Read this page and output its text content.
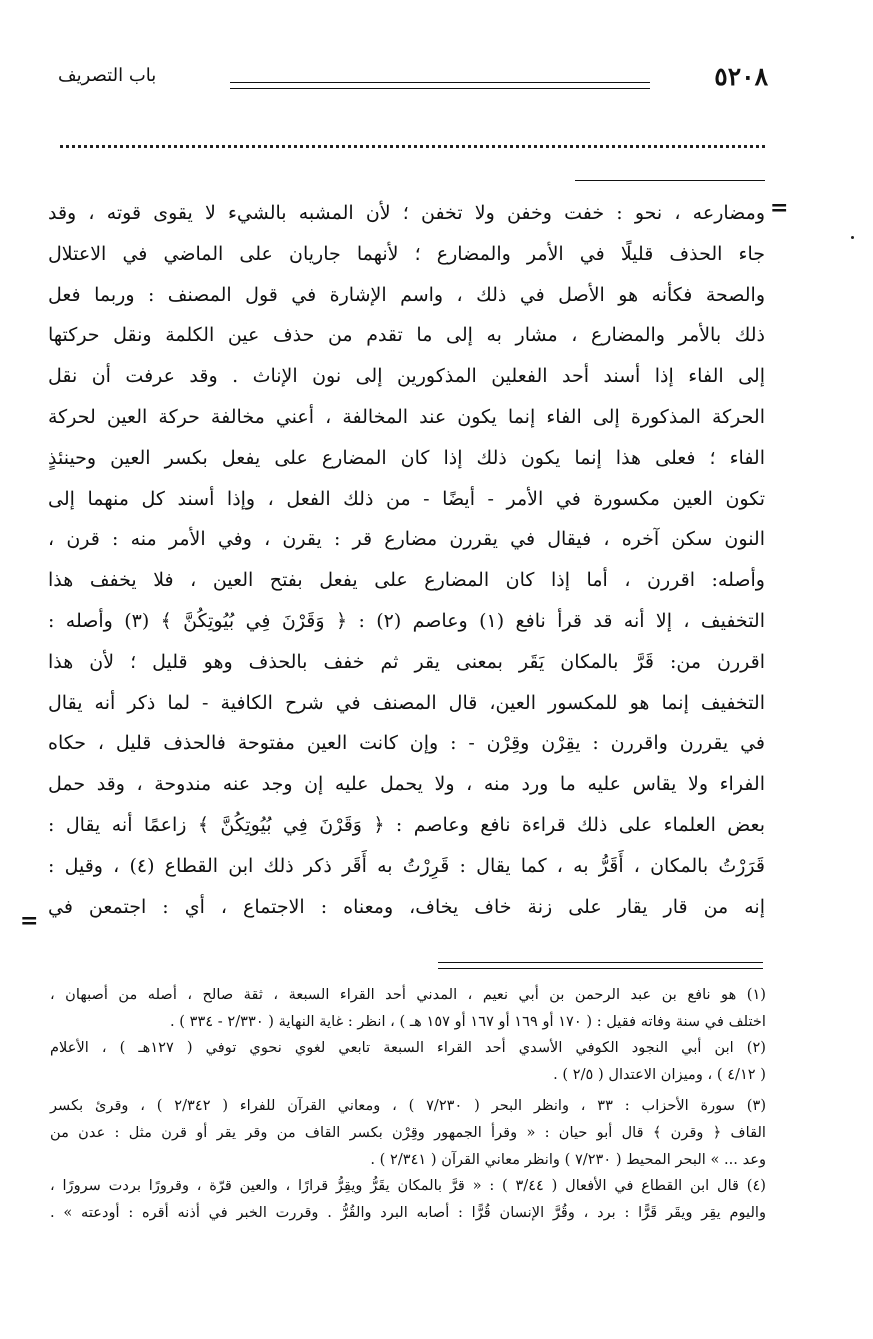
٥٢٠٨
باب التصريف
=
ومضارعه ، نحو : خفت وخفن ولا تخفن ؛ لأن المشبه بالشيء لا يقوى قوته ، وقد
جاء الحذف قليلًا في الأمر والمضارع ؛ لأنهما جاريان على الماضي في الاعتلال
والصحة فكأنه هو الأصل في ذلك ، واسم الإشارة في قول المصنف : وربما فعل
ذلك بالأمر والمضارع ، مشار به إلى ما تقدم من حذف عين الكلمة ونقل حركتها
إلى الفاء إذا أسند أحد الفعلين المذكورين إلى نون الإناث . وقد عرفت أن نقل
الحركة المذكورة إلى الفاء إنما يكون عند المخالفة ، أعني مخالفة حركة العين لحركة
الفاء ؛ فعلى هذا إنما يكون ذلك إذا كان المضارع على يفعل بكسر العين وحينئذٍ
تكون العين مكسورة في الأمر - أيضًا - من ذلك الفعل ، وإذا أسند كل منهما إلى
النون سكن آخره ، فيقال في يقررن مضارع قر : يقرن ، وفي الأمر منه : قرن ،
وأصله: اقررن ، أما إذا كان المضارع على يفعل بفتح العين ، فلا يخفف هذا
التخفيف ، إلا أنه قد قرأ نافع (١) وعاصم (٢) : ﴿ وَقَرْنَ فِي بُيُوتِكُنَّ ﴾ (٣) وأصله :
اقررن من: قَرَّ بالمكان يَقَر بمعنى يقر ثم خفف بالحذف وهو قليل ؛ لأن هذا
التخفيف إنما هو للمكسور العين، قال المصنف في شرح الكافية - لما ذكر أنه يقال
في يقررن واقررن : يقِرْن وقِرْن - : وإن كانت العين مفتوحة فالحذف قليل ، حكاه
الفراء ولا يقاس عليه ما ورد منه ، ولا يحمل عليه إن وجد عنه مندوحة ، وقد حمل
بعض العلماء على ذلك قراءة نافع وعاصم : ﴿ وَقَرْنَ فِي بُيُوتِكُنَّ ﴾ زاعمًا أنه يقال :
قَرَرْتُ بالمكان ، أَقَرُّ به ، كما يقال : قَرِرْتُ به أَقَر ذكر ذلك ابن القطاع (٤) ، وقيل :
إنه من قار يقار على زنة خاف يخاف، ومعناه : الاجتماع ، أي : اجتمعن في
=
(١) هو نافع بن عبد الرحمن بن أبي نعيم ، المدني أحد القراء السبعة ، ثقة صالح ، أصله من أصبهان ،
اختلف في سنة وفاته فقيل : ( ١٧٠ أو ١٦٩ أو ١٦٧ أو ١٥٧ هـ ) ، انظر : غاية النهاية ( ٢/٣٣٠ - ٣٣٤ ) .
(٢) ابن أبي النجود الكوفي الأسدي أحد القراء السبعة تابعي لغوي نحوي توفي ( ١٢٧هـ ) ، الأعلام
( ٤/١٢ ) ، وميزان الاعتدال ( ٢/٥ ) .
(٣) سورة الأحزاب : ٣٣ ، وانظر البحر ( ٧/٢٣٠ ) ، ومعاني القرآن للفراء ( ٢/٣٤٢ ) ، وقرئ بكسر
القاف ﴿ وقرن ﴾ قال أبو حيان : « وقرأ الجمهور وقِرْن بكسر القاف من وقر يقر أو قرن مثل : عدن من
وعد ... » البحر المحيط ( ٧/٢٣٠ ) وانظر معاني القرآن ( ٢/٣٤١ ) .
(٤) قال ابن القطاع في الأفعال ( ٣/٤٤ ) : « قرَّ بالمكان يقَرُّ ويقِرُّ قرارًا ، والعين قرّة ، وقرورًا بردت سرورًا ،
واليوم يقِر ويقَر قَرًّا : برد ، وقُرَّ الإنسان قُرًّا : أصابه البرد والقُرُّ . وقررت الخبر في أذنه أقره : أودعته » .
